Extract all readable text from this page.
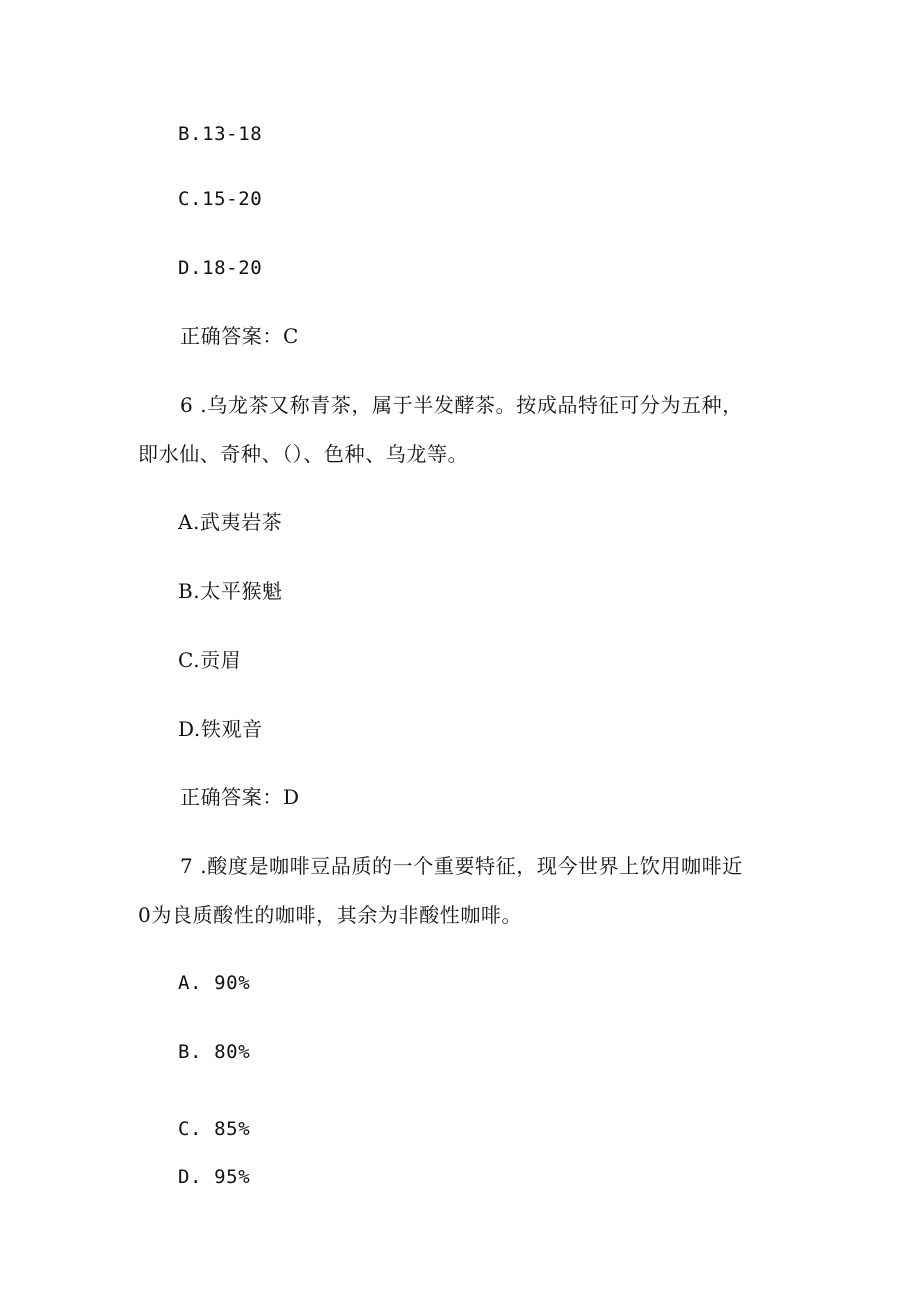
B.13-18
C.15-20
D.18-20
正确答案：C
6 .乌龙茶又称青茶，属于半发酵茶。按成品特征可分为五种，
即水仙、奇种、（）、色种、乌龙等。
A.武夷岩茶
B.太平猴魁
C.贡眉
D.铁观音
正确答案：D
7 .酸度是咖啡豆品质的一个重要特征，现今世界上饮用咖啡近
0为良质酸性的咖啡，其余为非酸性咖啡。
A. 90%
B. 80%
C. 85%
D. 95%
